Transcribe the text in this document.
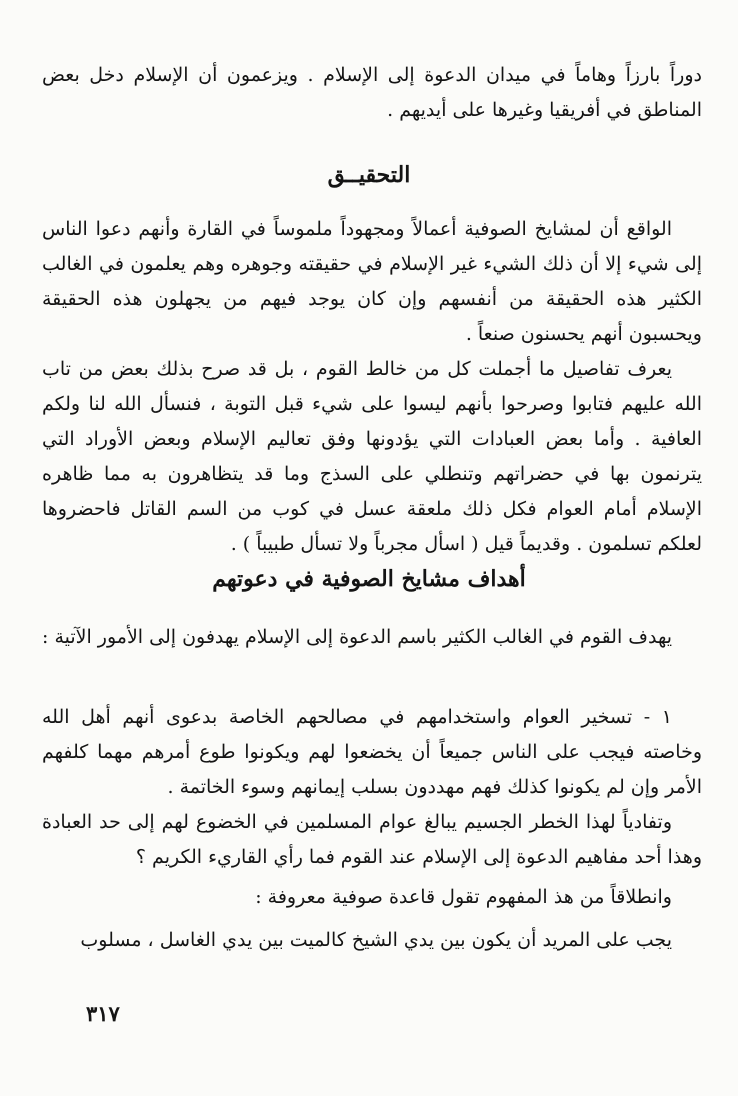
دوراً بارزاً وهاماً في ميدان الدعوة إلى الإسلام . ويزعمون أن الإسلام دخل بعض المناطق في أفريقيا وغيرها على أيديهم .

التحقيــق

الواقع أن لمشايخ الصوفية أعمالاً ومجهوداً ملموساً في القارة وأنهم دعوا الناس إلى شيء إلا أن ذلك الشيء غير الإسلام في حقيقته وجوهره وهم يعلمون في الغالب الكثير هذه الحقيقة من أنفسهم وإن كان يوجد فيهم من يجهلون هذه الحقيقة ويحسبون أنهم يحسنون صنعاً .

يعرف تفاصيل ما أجملت كل من خالط القوم ، بل قد صرح بذلك بعض من تاب الله عليهم فتابوا وصرحوا بأنهم ليسوا على شيء قبل التوبة ، فنسأل الله لنا ولكم العافية . وأما بعض العبادات التي يؤدونها وفق تعاليم الإسلام وبعض الأوراد التي يترنمون بها في حضراتهم وتنطلي على السذج وما قد يتظاهرون به مما ظاهره الإسلام أمام العوام فكل ذلك ملعقة عسل في كوب من السم القاتل فاحضروها لعلكم تسلمون . وقديماً قيل ( اسأل مجرباً ولا تسأل طبيباً ) .

أهداف مشايخ الصوفية في دعوتهم

يهدف القوم في الغالب الكثير باسم الدعوة إلى الإسلام يهدفون إلى الأمور الآتية :

١ - تسخير العوام واستخدامهم في مصالحهم الخاصة بدعوى أنهم أهل الله وخاصته فيجب على الناس جميعاً أن يخضعوا لهم ويكونوا طوع أمرهم مهما كلفهم الأمر وإن لم يكونوا كذلك فهم مهددون بسلب إيمانهم وسوء الخاتمة .

وتفادياً لهذا الخطر الجسيم يبالغ عوام المسلمين في الخضوع لهم إلى حد العبادة وهذا أحد مفاهيم الدعوة إلى الإسلام عند القوم فما رأي القاريء الكريم ؟

وانطلاقاً من هذ المفهوم تقول قاعدة صوفية معروفة :

يجب على المريد أن يكون بين يدي الشيخ كالميت بين يدي الغاسل ، مسلوب

٣١٧
